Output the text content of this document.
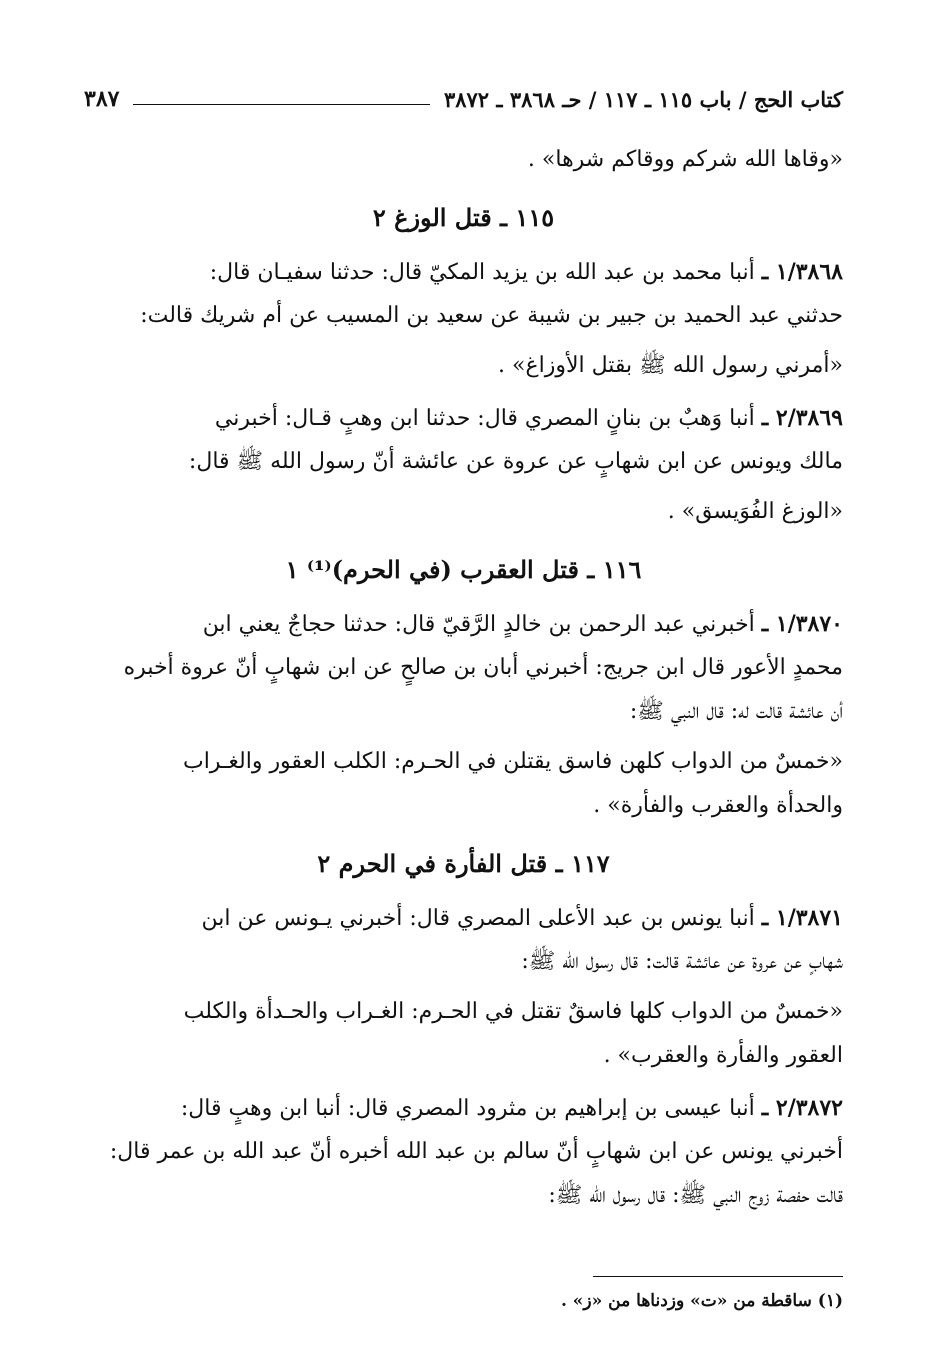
كتاب الحج / باب ١١٥ ـ ١١٧ / حـ ٣٨٦٨ ـ ٣٨٧٢
٣٨٧
«وقاها الله شركم ووقاكم شرها» .
١١٥ ـ قتل الوزغ ٢
١/٣٨٦٨ ـ أنبا محمد بن عبد الله بن يزيد المكيّ قال: حدثنا سفيـان قال:
حدثني عبد الحميد بن جبير بن شيبة عن سعيد بن المسيب عن أم شريك قالت:
«أمرني رسول الله ﷺ بقتل الأوزاغ» .
٢/٣٨٦٩ ـ أنبا وَهبٌ بن بنانٍ المصري قال: حدثنا ابن وهبٍ قـال: أخبرني
مالك ويونس عن ابن شهابٍ عن عروة عن عائشة أنّ رسول الله ﷺ قال:
«الوزغ الفُوَيسق» .
١١٦ ـ قتل العقرب (في الحرم)⁽¹⁾ ١
١/٣٨٧٠ ـ أخبرني عبد الرحمن بن خالدٍ الرَّقيّ قال: حدثنا حجاجٌ يعني ابن
محمدٍ الأعور قال ابن جريج: أخبرني أبان بن صالحٍ عن ابن شهابٍ أنّ عروة أخبره
أن عائشة قالت له: قال النبي ﷺ:
«خمسٌ من الدواب كلهن فاسق يقتلن في الحـرم: الكلب العقور والغـراب
والحدأة والعقرب والفأرة» .
١١٧ ـ قتل الفأرة في الحرم ٢
١/٣٨٧١ ـ أنبا يونس بن عبد الأعلى المصري قال: أخبرني يـونس عن ابن
شهابٍ عن عروة عن عائشة قالت: قال رسول الله ﷺ:
«خمسٌ من الدواب كلها فاسقٌ تقتل في الحـرم: الغـراب والحـدأة والكلب
العقور والفأرة والعقرب» .
٢/٣٨٧٢ ـ أنبا عيسى بن إبراهيم بن مثرود المصري قال: أنبا ابن وهبٍ قال:
أخبرني يونس عن ابن شهابٍ أنّ سالم بن عبد الله أخبره أنّ عبد الله بن عمر قال:
قالت حفصة زوج النبي ﷺ: قال رسول الله ﷺ:
(١) ساقطة من «ت» وزدناها من «ز» .
